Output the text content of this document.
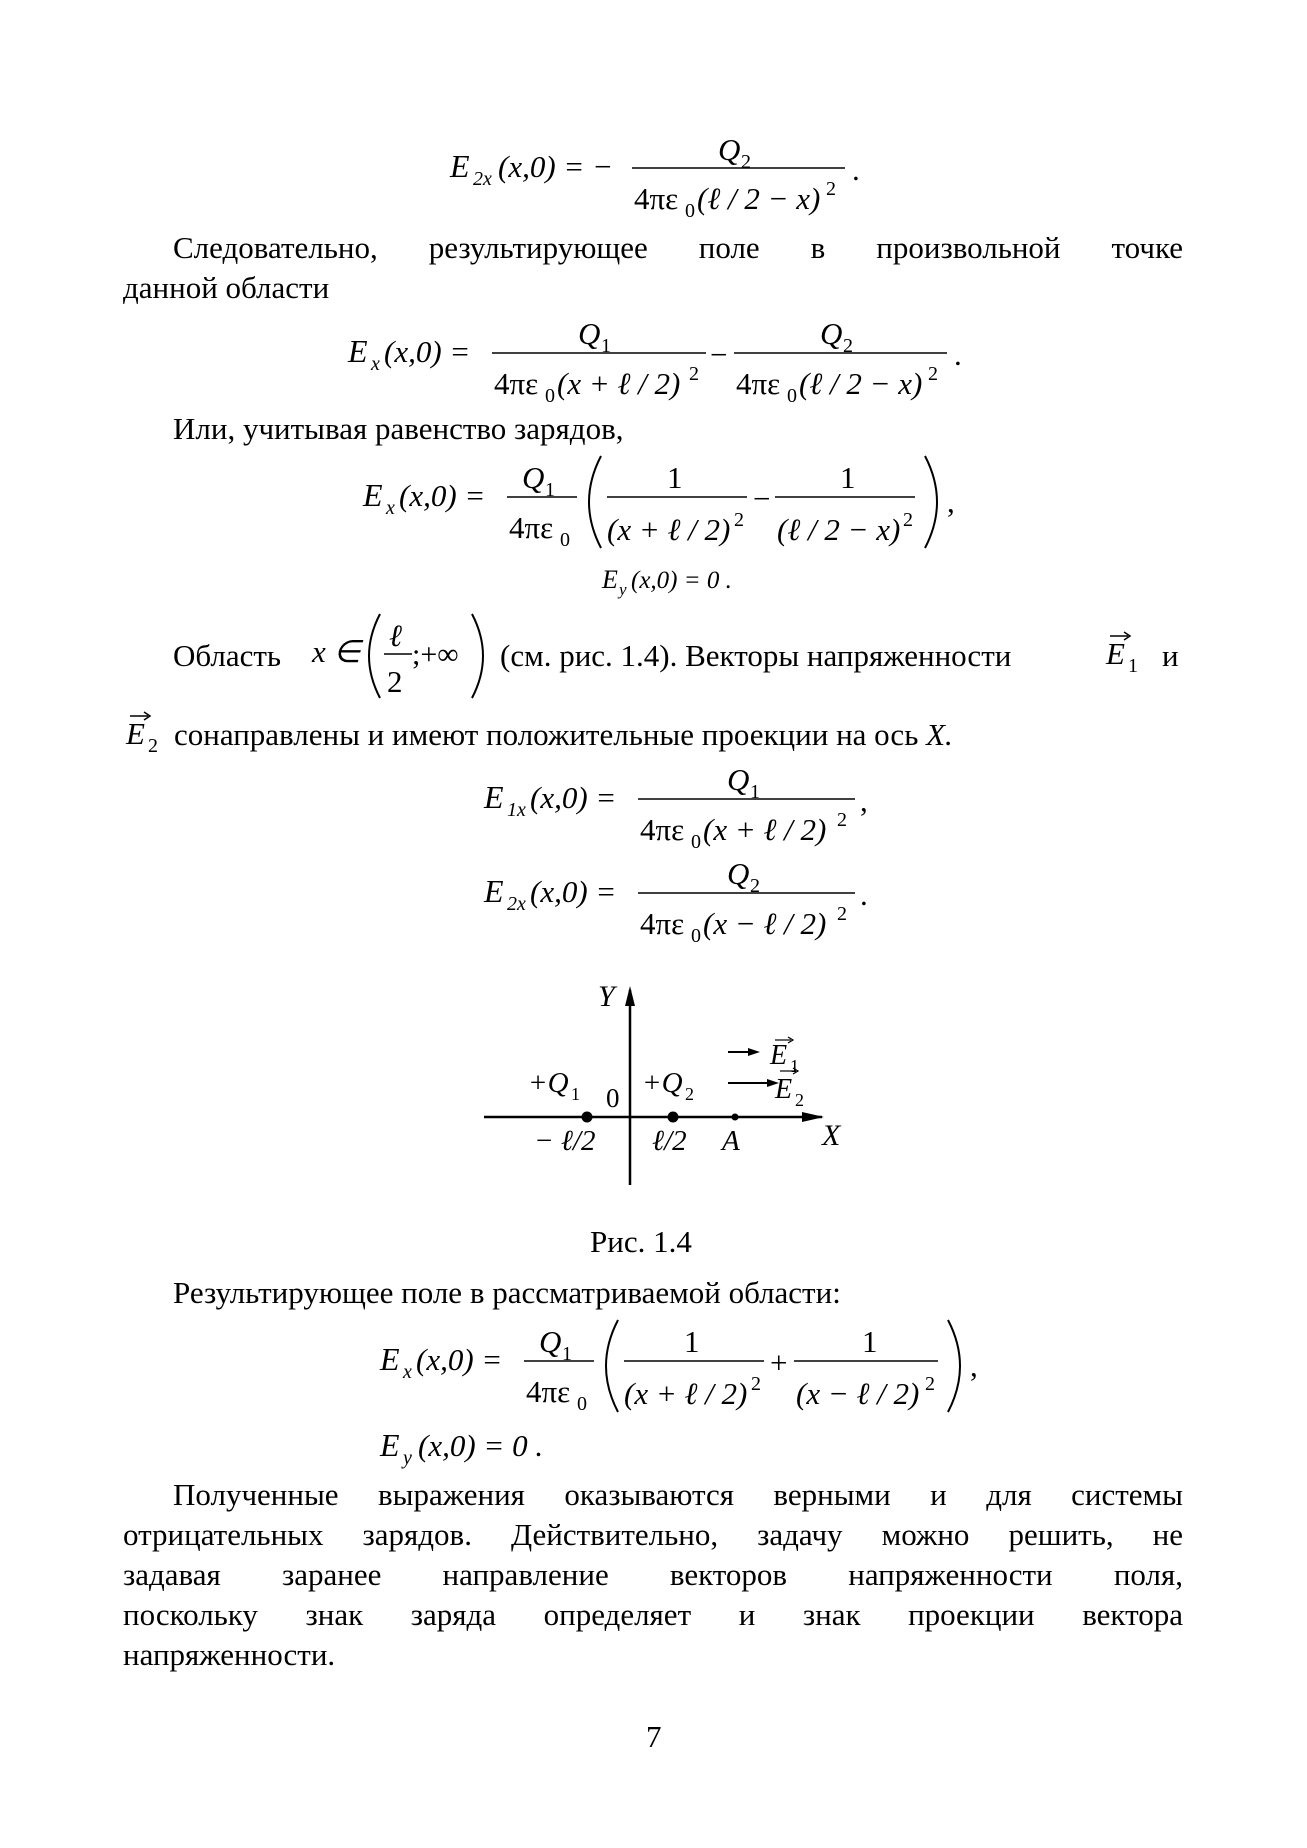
E 2x (x,0) = −	Q 2
4πε 0 (ℓ / 2 − x) 2
.
Следовательно, результирующее поле в произвольной точке
данной области
E x (x,0) =
Q 1
4πε 0 (x + ℓ / 2) 2
−
Q 2
4πε 0 (ℓ / 2 − x) 2
.
Или, учитывая равенство зарядов,
E x (x,0) =
Q 1
4πε 0
1
(x + ℓ / 2) 2
−
1
(ℓ / 2 − x) 2
,
E y (x,0) = 0 .
Область x ∈ ℓ
2
;+∞ (см. рис. 1.4). Векторы напряженности	E 1 и
E 2 сонаправлены и имеют положительные проекции на ось X.
E 1x (x,0) =
Q 1
4πε 0 (x + ℓ / 2) 2
,
E 2x (x,0) =
Q 2
4πε 0 (x − ℓ / 2) 2
.
Y
X
0
+Q 1 +Q 2
− ℓ/2 ℓ/2 A
E 1
E 2
Рис. 1.4
Результирующее поле в рассматриваемой области:
E x (x,0) =
Q 1
4πε 0
1
(x + ℓ / 2) 2
+
1
(x − ℓ / 2) 2
,
E y (x,0) = 0 .
Полученные выражения оказываются верными и для системы
отрицательных зарядов. Действительно, задачу можно решить, не
задавая заранее направление векторов напряженности поля,
поскольку знак заряда определяет и знак проекции вектора
напряженности.
7
